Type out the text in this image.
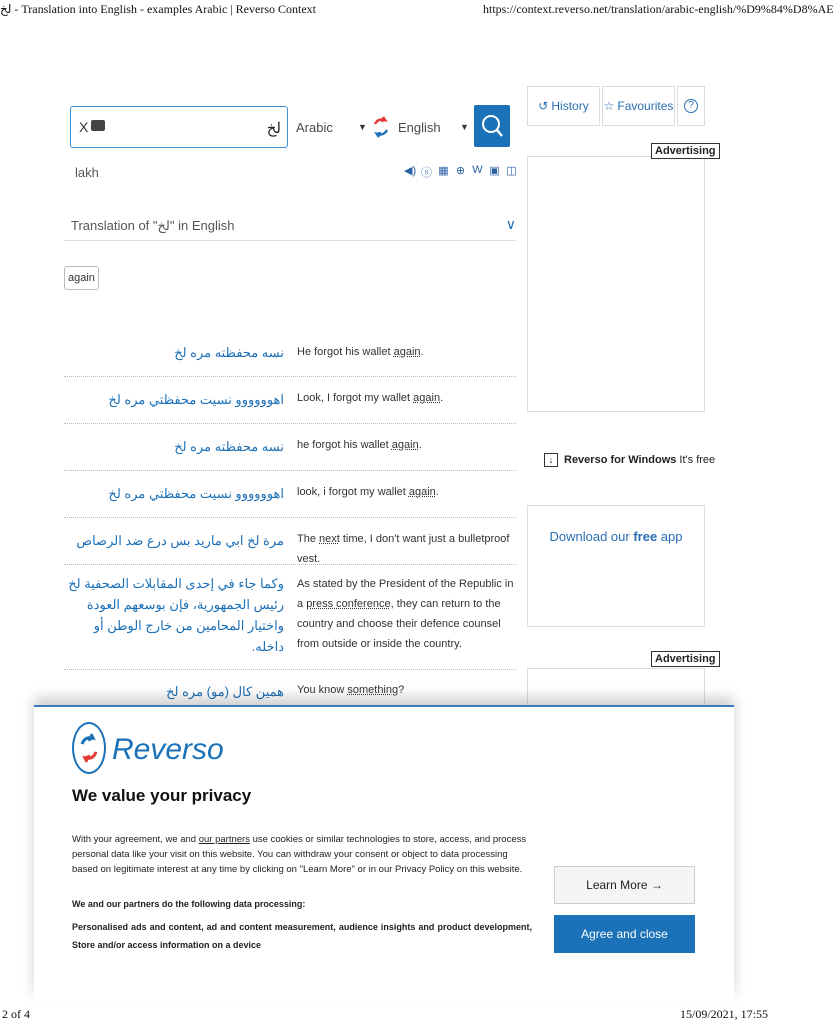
لخ - Translation into English - examples Arabic | Reverso Context	https://context.reverso.net/translation/arabic-english/%D9%84%D8%AE
X	لخ Arabic	▼ English ▼
lakh	◀) ⓢ ▦ ⊕ W ▣ ◫
Translation of "لخ" in English	∨
again
نسه محفظته مره لخ He forgot his wallet again.
اهوووووو نسيت محفظتي مره لخ Look, I forgot my wallet again.
نسه محفظته مره لخ he forgot his wallet again.
اهوووووو نسيت محفظتي مره لخ look, i forgot my wallet again.
مرة لخ ابي ماريد بس درع ضد الرصاص The next time, I don't want just a bulletproof vest.
وكما جاء في إحدى المقابلات الصحفية لخ رئيس الجمهورية، فإن بوسعهم العودة واختيار المحامين من خارج الوطن أو داخله.
As stated by the President of the Republic in a press conference, they can return to the country and choose their defence counsel from outside or inside the country.
همين كال (مو) مره لخ You know something?
↺ History ☆ Favourites	?
Advertising
↓ Reverso for Windows It's free
Download our free app
Advertising
Reverso
We value your privacy
With your agreement, we and our partners use cookies or similar technologies to store, access, and process personal data like your visit on this website. You can withdraw your consent or object to data processing based on legitimate interest at any time by clicking on "Learn More" or in our Privacy Policy on this website.
We and our partners do the following data processing:
Personalised ads and content, ad and content measurement, audience insights and product development, Store and/or access information on a device
Learn More →
Agree and close
2 of 4	15/09/2021, 17:55
